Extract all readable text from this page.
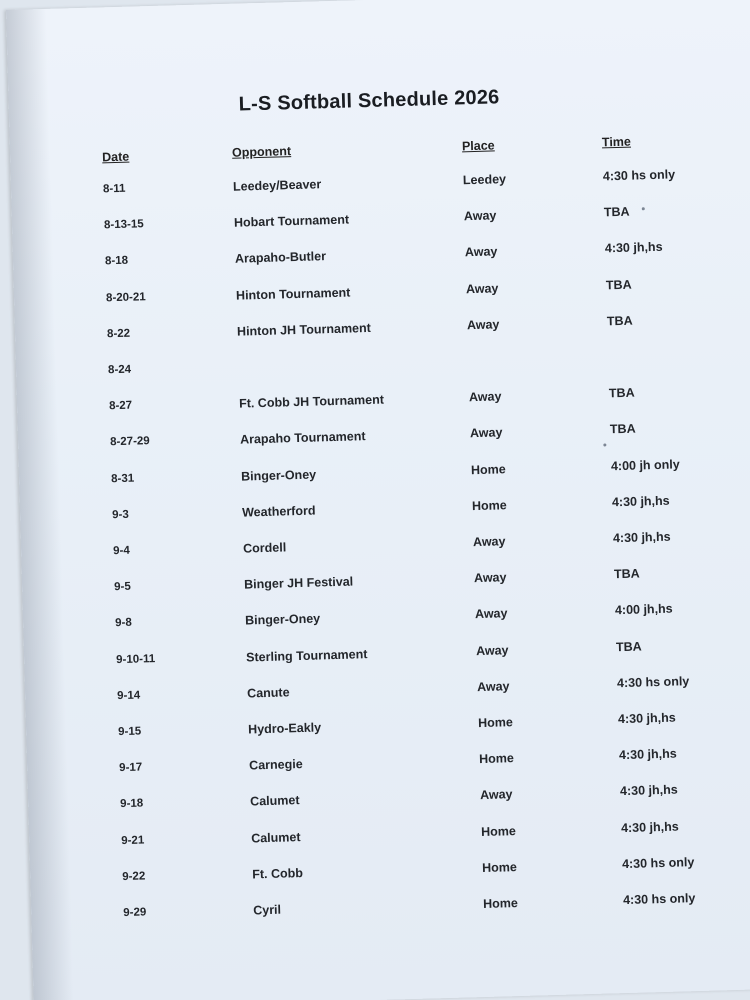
L-S Softball Schedule 2026
Date	Opponent	Place	Time
8-11	Leedey/Beaver	Leedey	4:30 hs only
8-13-15	Hobart Tournament	Away	TBA
8-18	Arapaho-Butler	Away	4:30 jh,hs
8-20-21	Hinton Tournament	Away	TBA
8-22	Hinton JH Tournament	Away	TBA
8-24
8-27	Ft. Cobb JH Tournament	Away	TBA
8-27-29	Arapaho Tournament	Away	TBA
8-31	Binger-Oney	Home	4:00 jh only
9-3	Weatherford	Home	4:30 jh,hs
9-4	Cordell	Away	4:30 jh,hs
9-5	Binger JH Festival	Away	TBA
9-8	Binger-Oney	Away	4:00 jh,hs
9-10-11	Sterling Tournament	Away	TBA
9-14	Canute	Away	4:30 hs only
9-15	Hydro-Eakly	Home	4:30 jh,hs
9-17	Carnegie	Home	4:30 jh,hs
9-18	Calumet	Away	4:30 jh,hs
9-21	Calumet	Home	4:30 jh,hs
9-22	Ft. Cobb	Home	4:30 hs only
9-29	Cyril	Home	4:30 hs only
